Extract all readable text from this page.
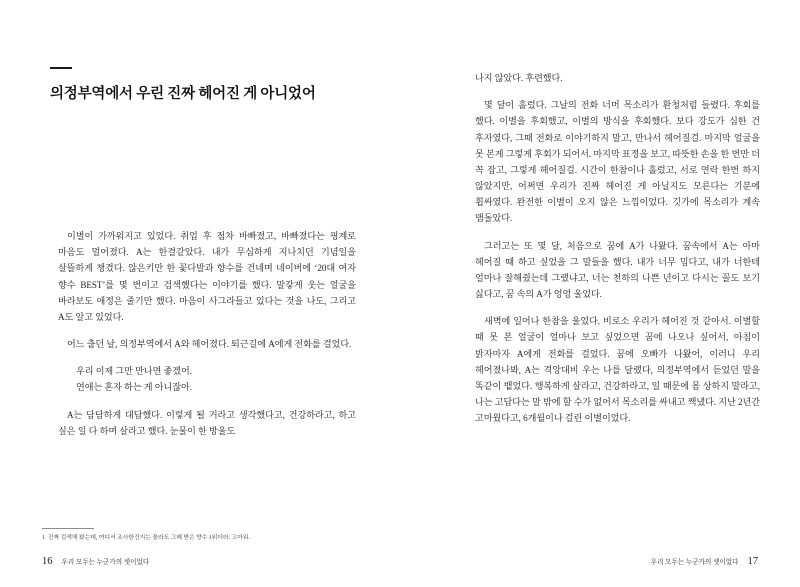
의정부역에서 우린 진짜 헤어진 게 아니었어

이별이 가까워지고 있었다. 취업 후 점차 바빠졌고, 바빠졌다는 핑계로 마음도 멀어졌다. A는 한결같았다. 내가 무심하게 지나치던 기념일을 살뜰하게 챙겼다. 않은키만 한 꽃다발과 향수를 건네며 네이버에 ‘20대 여자 향수 BEST’를 몇 번이고 검색했다는 이야기를 했다. 말갛게 웃는 얼굴을 바라보도 애정은 줄기만 했다. 마음이 사그라들고 있다는 것을 나도, 그리고 A도 알고 있었다.

어느 춥던 날, 의정부역에서 A와 헤어졌다. 퇴근길에 A에게 전화를 걸었다.

우리 이제 그만 만나면 좋겠어.

연애는 혼자 하는 게 아니잖아.

A는 담담하게 대답했다. 이렇게 될 거라고 생각했다고, 건강하라고, 하고 싶은 일 다 하며 살라고 했다. 눈물이 한 방울도

1 진짜 검색해 봤는데, 여디서 조사한건지는 몰라도 그때 받은 향수 1위더라. 고마워.
16 우리 모두는 누군가의 셋이었다

나지 않았다. 후련했다.

몇 달이 흘렀다. 그날의 전화 너머 목소리가 환청처럼 들렸다. 후회를 했다. 이별을 후회했고, 이별의 방식을 후회했다. 보다 강도가 심한 건 후자였다, 그때 전화로 이야기하지 말고, 만나서 헤어질걸. 마지막 얼굴을 못 본게 그렇게 후회가 되어서. 마지막 표정을 보고, 따뜻한 손을 한 번만 더 꼭 잡고, 그렇게 헤어질걸. 시간이 한참이나 흘렀고, 서로 연락 한번 하지 않았지만, 어쩌면 우리가 진짜 헤어진 게 아닐지도 모른다는 기분에 휩싸였다. 완전한 이별이 오지 않은 느낌이었다. 깃가에 목소리가 계속 맴돌았다.

그러고는 또 몇 달, 처음으로 꿈에 A가 나왔다. 꿈속에서 A는 아마 헤어질 때 하고 싶었을 그 말들을 했다. 내가 너무 밉다고, 내가 너한테 얼마나 잘해줬는데 그랬냐고, 너는 천하의 나쁜 년이고 다시는 꼴도 보기 싫다고, 꿈 속의 A가 엉엉 울었다.

새벽에 일어나 한참을 울었다. 비로소 우리가 헤어진 것 같아서. 이별할 때 못 본 얼굴이 얼마나 보고 싶었으면 꿈에 나오나 싶어서, 아침이 밝자마자 A에게 전화를 걸었다. 꿈에 오빠가 나왔어, 이러니 우리 헤어졌나봐, A는 격앙대비 우는 나를 달랬다, 의정부역에서 듣었던 말을 똑같이 뱉었다. 행복하게 살라고, 건강하라고, 일 때문에 몸 상하지 말라고, 나는 고답다는 말 밖에 할 수가 없어서 목소리를 싸내고 짹냈다. 지난 2년간 고마웠다고, 6개월이나 걸린 이별이었다.

우리 모두는 누군가의 셋이었다 17
